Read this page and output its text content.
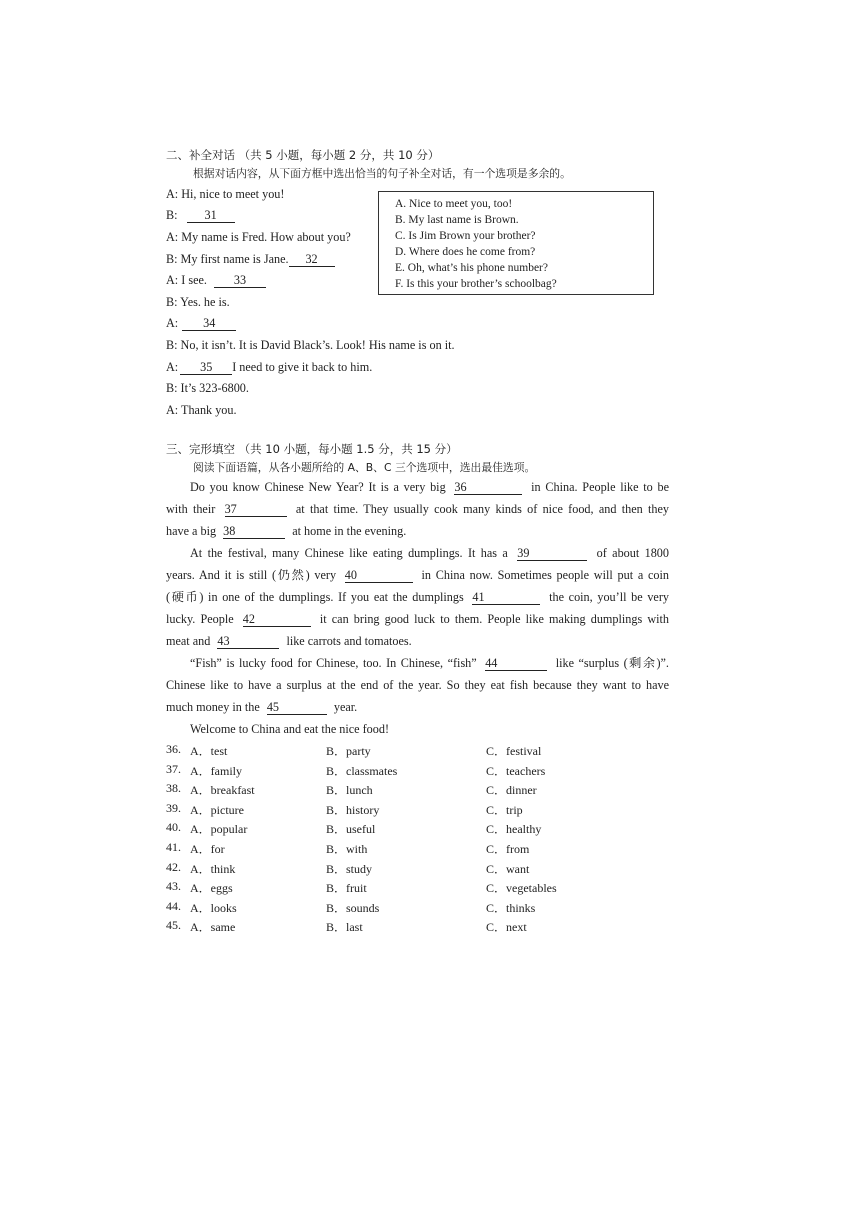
二、补全对话 （共 5 小题，每小题 2 分，共 10 分）
根据对话内容，从下面方框中选出恰当的句子补全对话，有一个选项是多余的。
A: Hi, nice to meet you!
B: 31
A: My name is Fred. How about you?
B: My first name is Jane. 32
A: I see. 33
B: Yes. he is.
A: 34
B: No, it isn’t. It is David Black’s. Look! His name is on it.
A: 35 I need to give it back to him.
B: It’s 323-6800.
A: Thank you.
A. Nice to meet you, too!
B. My last name is Brown.
C. Is Jim Brown your brother?
D. Where does he come from?
E. Oh, what’s his phone number?
F. Is this your brother’s schoolbag?
三、完形填空 （共 10 小题，每小题 1.5 分，共 15 分）
阅读下面语篇，从各小题所给的 A、B、C 三个选项中，选出最佳选项。
Do you know Chinese New Year? It is a very big 36	in China. People like to be
with their 37	at that time. They usually cook many kinds of nice food, and then they
have a big 38	at home in the evening.
At the festival, many Chinese like eating dumplings. It has a 39	of about 1800
years. And it is still (仍然) very 40	in China now. Sometimes people will put a coin
(硬币) in one of the dumplings. If you eat the dumplings 41	the coin, you’ll be very
lucky. People 42	it can bring good luck to them. People like making dumplings with
meat and 43	like carrots and tomatoes.
“Fish” is lucky food for Chinese, too. In Chinese, “fish” 44	like “surplus (剩余)”.
Chinese like to have a surplus at the end of the year. So they eat fish because they want to have
much money in the 45	year.
Welcome to China and eat the nice food!
36. A．test	B．party	C．festival
37. A．family	B．classmates	C．teachers
38. A．breakfast	B．lunch	C．dinner
39. A．picture	B．history	C．trip
40. A．popular	B．useful	C．healthy
41. A．for	B．with	C．from
42. A．think	B．study	C．want
43. A．eggs	B．fruit	C．vegetables
44. A．looks	B．sounds	C．thinks
45. A．same	B．last	C．next
